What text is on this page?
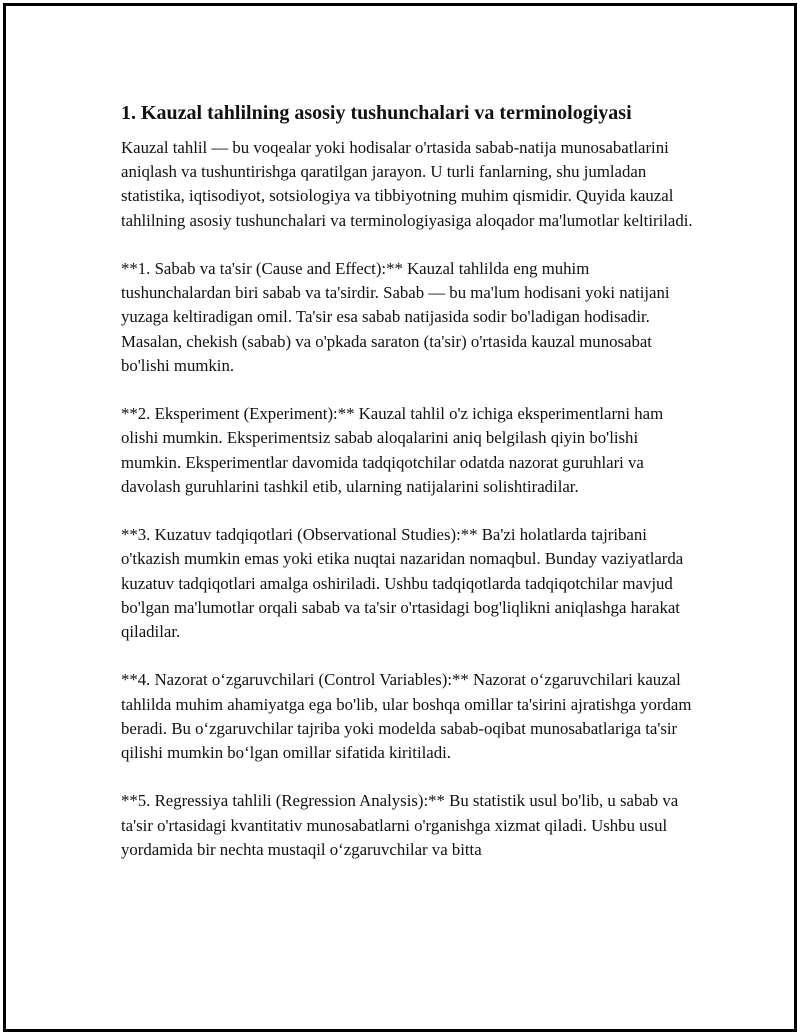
1. Kauzal tahlilning asosiy tushunchalari va terminologiyasi

Kauzal tahlil — bu voqealar yoki hodisalar o'rtasida sabab-natija munosabatlarini aniqlash va tushuntirishga qaratilgan jarayon. U turli fanlarning, shu jumladan statistika, iqtisodiyot, sotsiologiya va tibbiyotning muhim qismidir. Quyida kauzal tahlilning asosiy tushunchalari va terminologiyasiga aloqador ma'lumotlar keltiriladi.

**1. Sabab va ta'sir (Cause and Effect):** Kauzal tahlilda eng muhim tushunchalardan biri sabab va ta'sirdir. Sabab — bu ma'lum hodisani yoki natijani yuzaga keltiradigan omil. Ta'sir esa sabab natijasida sodir bo'ladigan hodisadir. Masalan, chekish (sabab) va o'pkada saraton (ta'sir) o'rtasida kauzal munosabat bo'lishi mumkin.

**2. Eksperiment (Experiment):** Kauzal tahlil o'z ichiga eksperimentlarni ham olishi mumkin. Eksperimentsiz sabab aloqalarini aniq belgilash qiyin bo'lishi mumkin. Eksperimentlar davomida tadqiqotchilar odatda nazorat guruhlari va davolash guruhlarini tashkil etib, ularning natijalarini solishtiradilar.

**3. Kuzatuv tadqiqotlari (Observational Studies):** Ba'zi holatlarda tajribani o'tkazish mumkin emas yoki etika nuqtai nazaridan nomaqbul. Bunday vaziyatlarda kuzatuv tadqiqotlari amalga oshiriladi. Ushbu tadqiqotlarda tadqiqotchilar mavjud bo'lgan ma'lumotlar orqali sabab va ta'sir o'rtasidagi bog'liqlikni aniqlashga harakat qiladilar.

**4. Nazorat oʻzgaruvchilari (Control Variables):** Nazorat oʻzgaruvchilari kauzal tahlilda muhim ahamiyatga ega bo'lib, ular boshqa omillar ta'sirini ajratishga yordam beradi. Bu oʻzgaruvchilar tajriba yoki modelda sabab-oqibat munosabatlariga ta'sir qilishi mumkin boʻlgan omillar sifatida kiritiladi.

**5. Regressiya tahlili (Regression Analysis):** Bu statistik usul bo'lib, u sabab va ta'sir o'rtasidagi kvantitativ munosabatlarni o'rganishga xizmat qiladi. Ushbu usul yordamida bir nechta mustaqil oʻzgaruvchilar va bitta
